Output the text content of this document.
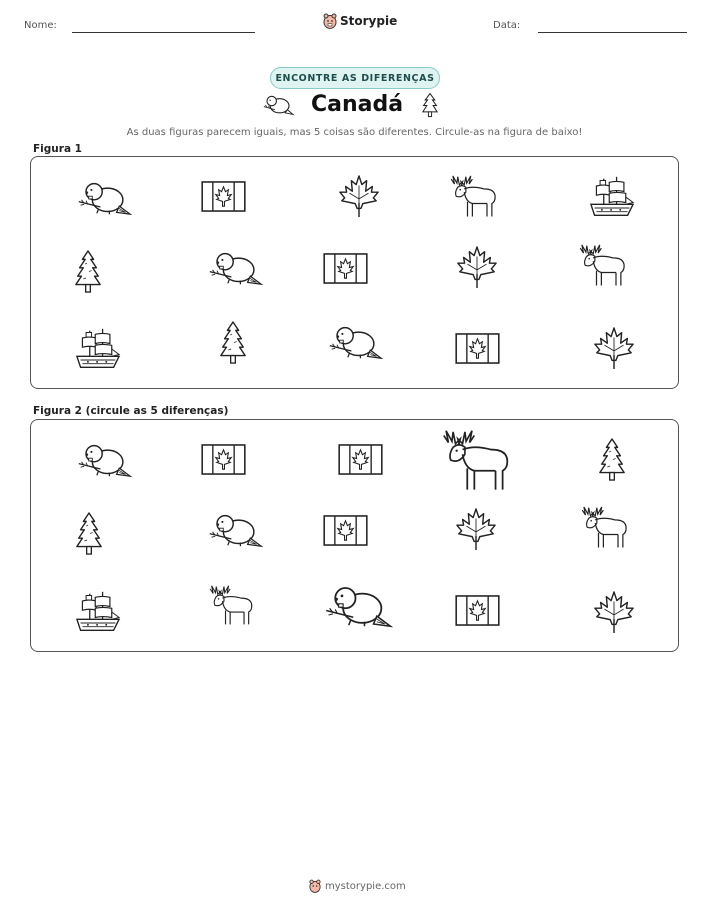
Nome:	Storypie	Data:
ENCONTRE AS DIFERENÇAS
Canadá
As duas figuras parecem iguais, mas 5 coisas são diferentes. Circule-as na figura de baixo!
Figura 1
Figura 2 (circule as 5 diferenças)
mystorypie.com
